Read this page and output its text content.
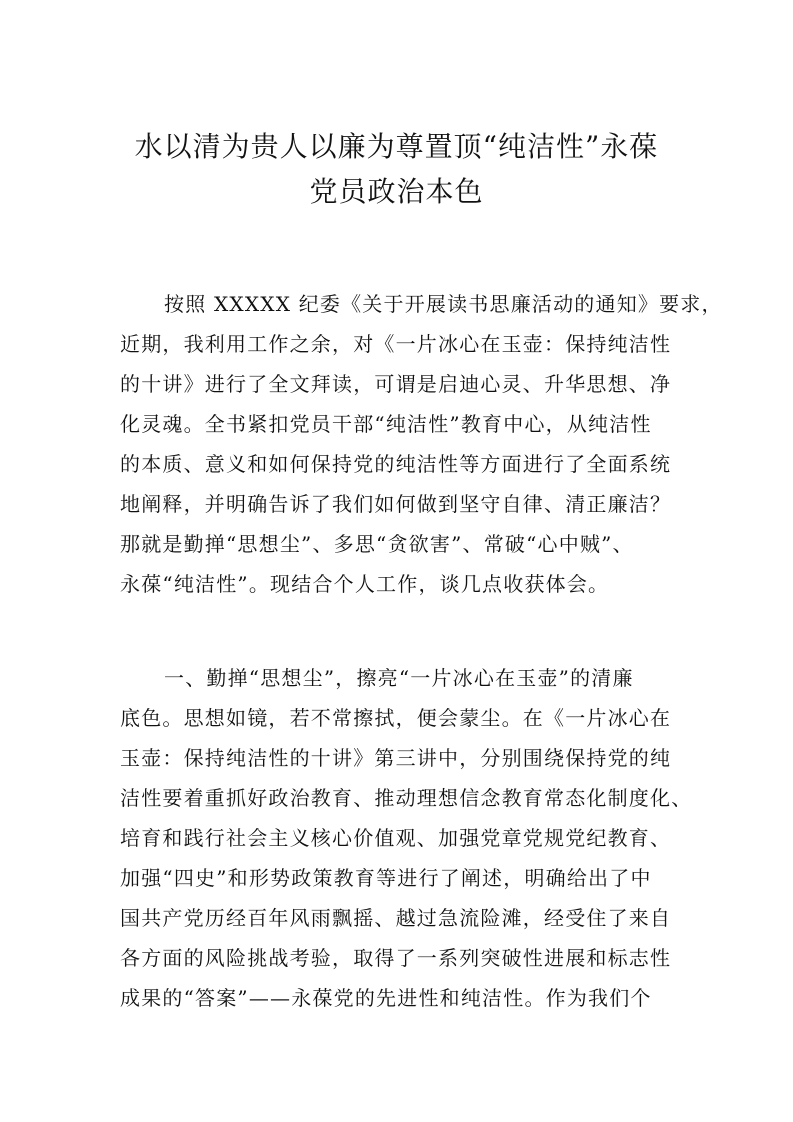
水以清为贵人以廉为尊置顶“纯洁性”永葆
党员政治本色
按照 XXXXX 纪委《关于开展读书思廉活动的通知》要求，
近期，我利用工作之余，对《一片冰心在玉壶：保持纯洁性
的十讲》进行了全文拜读，可谓是启迪心灵、升华思想、净
化灵魂。全书紧扣党员干部“纯洁性”教育中心，从纯洁性
的本质、意义和如何保持党的纯洁性等方面进行了全面系统
地阐释，并明确告诉了我们如何做到坚守自律、清正廉洁？
那就是勤掸“思想尘”、多思“贪欲害”、常破“心中贼”、
永葆“纯洁性”。现结合个人工作，谈几点收获体会。
一、勤掸“思想尘”，擦亮“一片冰心在玉壶”的清廉
底色。思想如镜，若不常擦拭，便会蒙尘。在《一片冰心在
玉壶：保持纯洁性的十讲》第三讲中，分别围绕保持党的纯
洁性要着重抓好政治教育、推动理想信念教育常态化制度化、
培育和践行社会主义核心价值观、加强党章党规党纪教育、
加强“四史”和形势政策教育等进行了阐述，明确给出了中
国共产党历经百年风雨飘摇、越过急流险滩，经受住了来自
各方面的风险挑战考验，取得了一系列突破性进展和标志性
成果的“答案”——永葆党的先进性和纯洁性。作为我们个
